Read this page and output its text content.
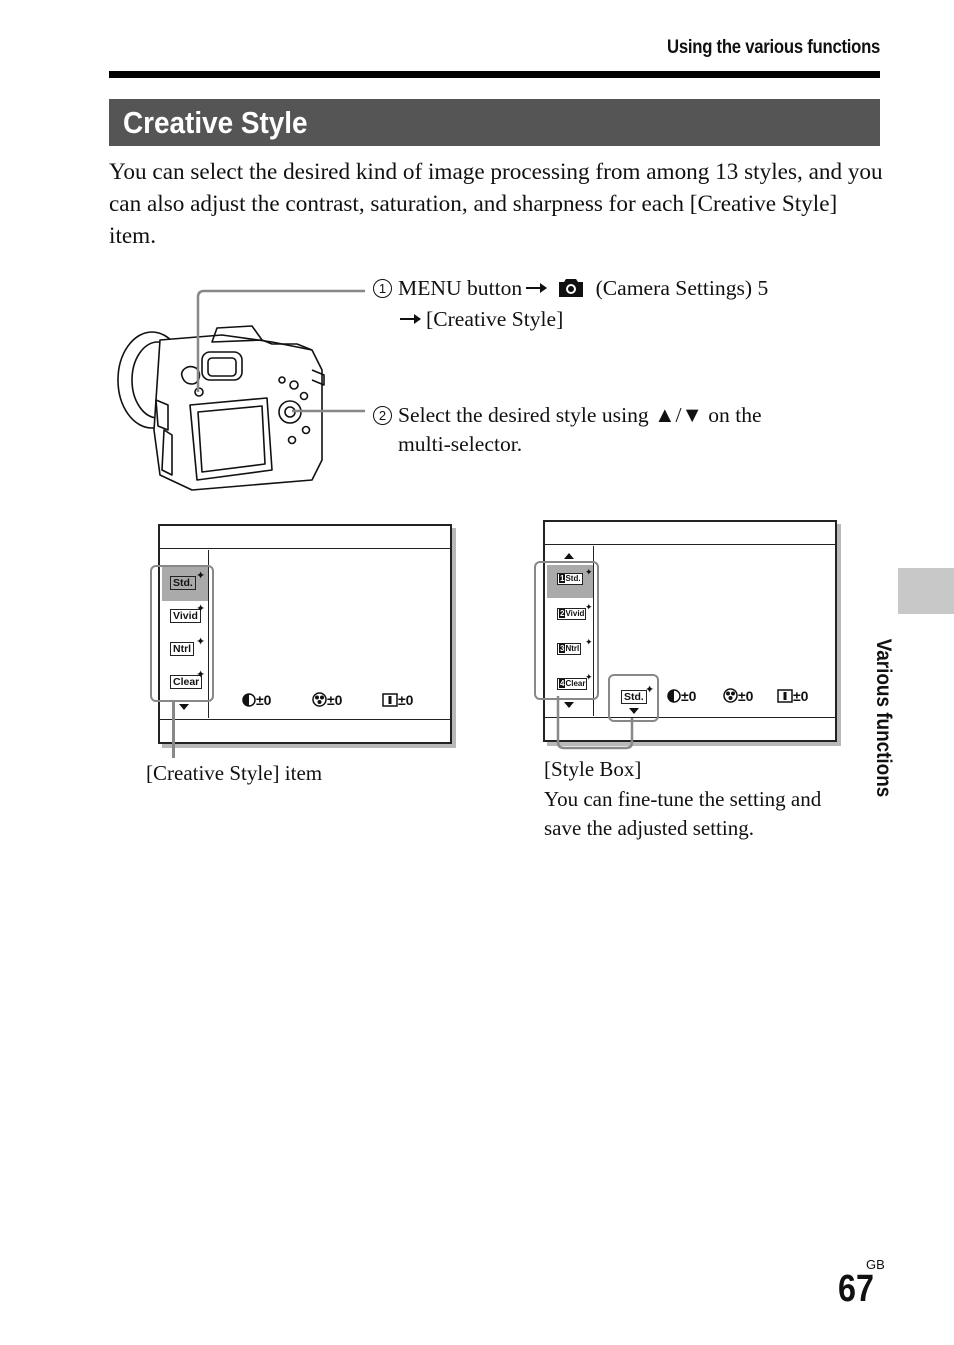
Using the various functions
Creative Style
You can select the desired kind of image processing from among 13 styles, and you can also adjust the contrast, saturation, and sharpness for each [Creative Style] item.
1 MENU button	(Camera Settings) 5
[Creative Style]
2 Select the desired style using ▲/▼ on the
multi-selector.
Std.
✦
Vivid
✦
Ntrl
✦
Clear
✦
±0	±0	±0
[Creative Style] item
1Std.
✦
2Vivid
✦
3Ntrl
✦
4Clear
✦
Std.
✦	±0	±0	±0
[Style Box]
You can fine-tune the setting and
save the adjusted setting.
Various functions
GB
67
